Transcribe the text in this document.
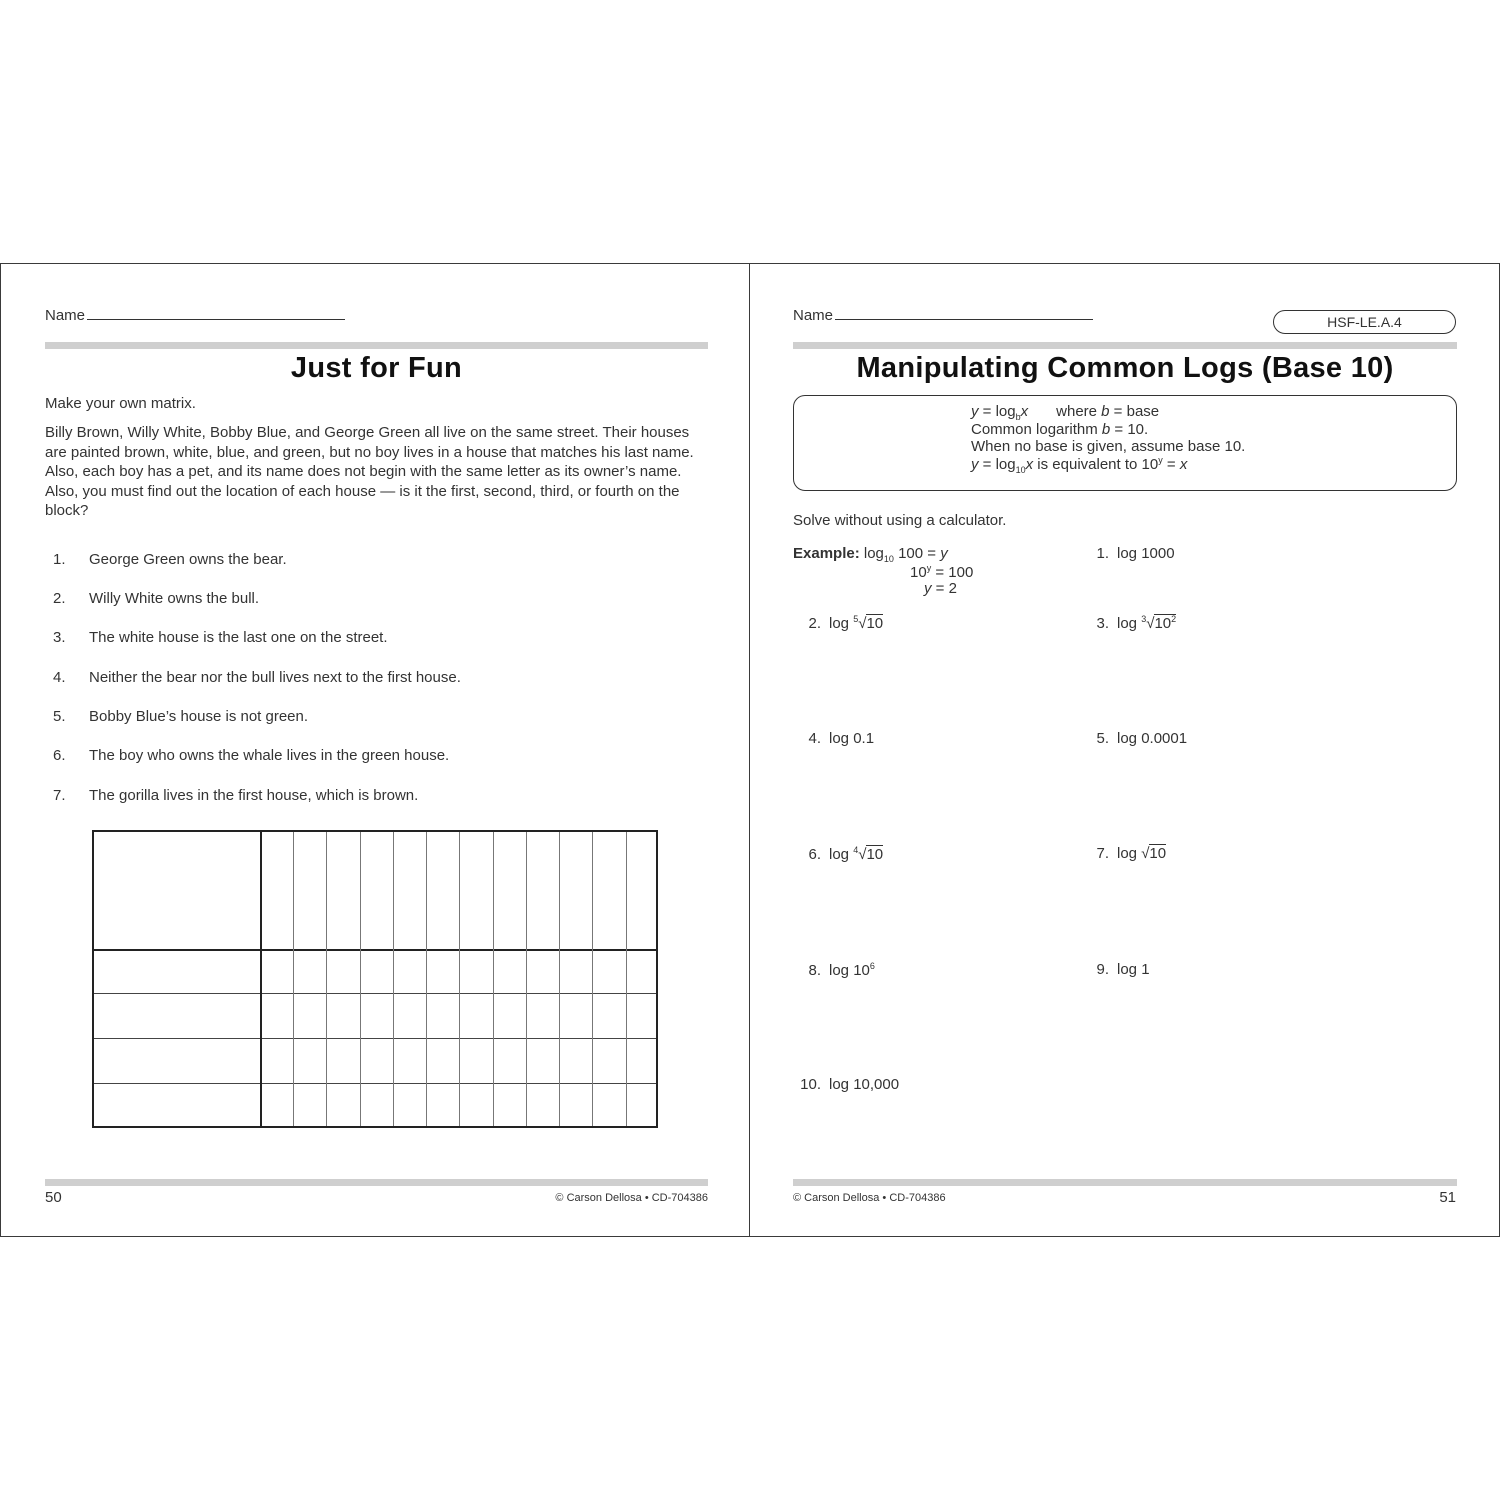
Name
Just for Fun
Make your own matrix.
Billy Brown, Willy White, Bobby Blue, and George Green all live on the same street. Their houses are painted brown, white, blue, and green, but no boy lives in a house that matches his last name. Also, each boy has a pet, and its name does not begin with the same letter as its owner’s name. Also, you must find out the location of each house — is it the first, second, third, or fourth on the block?
1. George Green owns the bear.
2. Willy White owns the bull.
3. The white house is the last one on the street.
4. Neither the bear nor the bull lives next to the first house.
5. Bobby Blue’s house is not green.
6. The boy who owns the whale lives in the green house.
7. The gorilla lives in the first house, which is brown.
50	© Carson Dellosa • CD-704386
Name	HSF-LE.A.4
Manipulating Common Logs (Base 10)
$y = \log_bx$ where b = base
Common logarithm b = 10.
When no base is given, assume base 10.
$y = \log_{10}x$ is equivalent to $10^y = x$
Solve without using a calculator.
Example: $\log_{10} 100 = y$
$10^y = 100$
y = 2
1. log 1000
2. log $^5$√10	3. $\log ^3√10^2$
4. log 0.1	5. log 0.0001
6. log $^4$√10	7. log √10
8. $\log 10^6$	9. log 1
10. log 10,000
© Carson Dellosa • CD-704386	51
